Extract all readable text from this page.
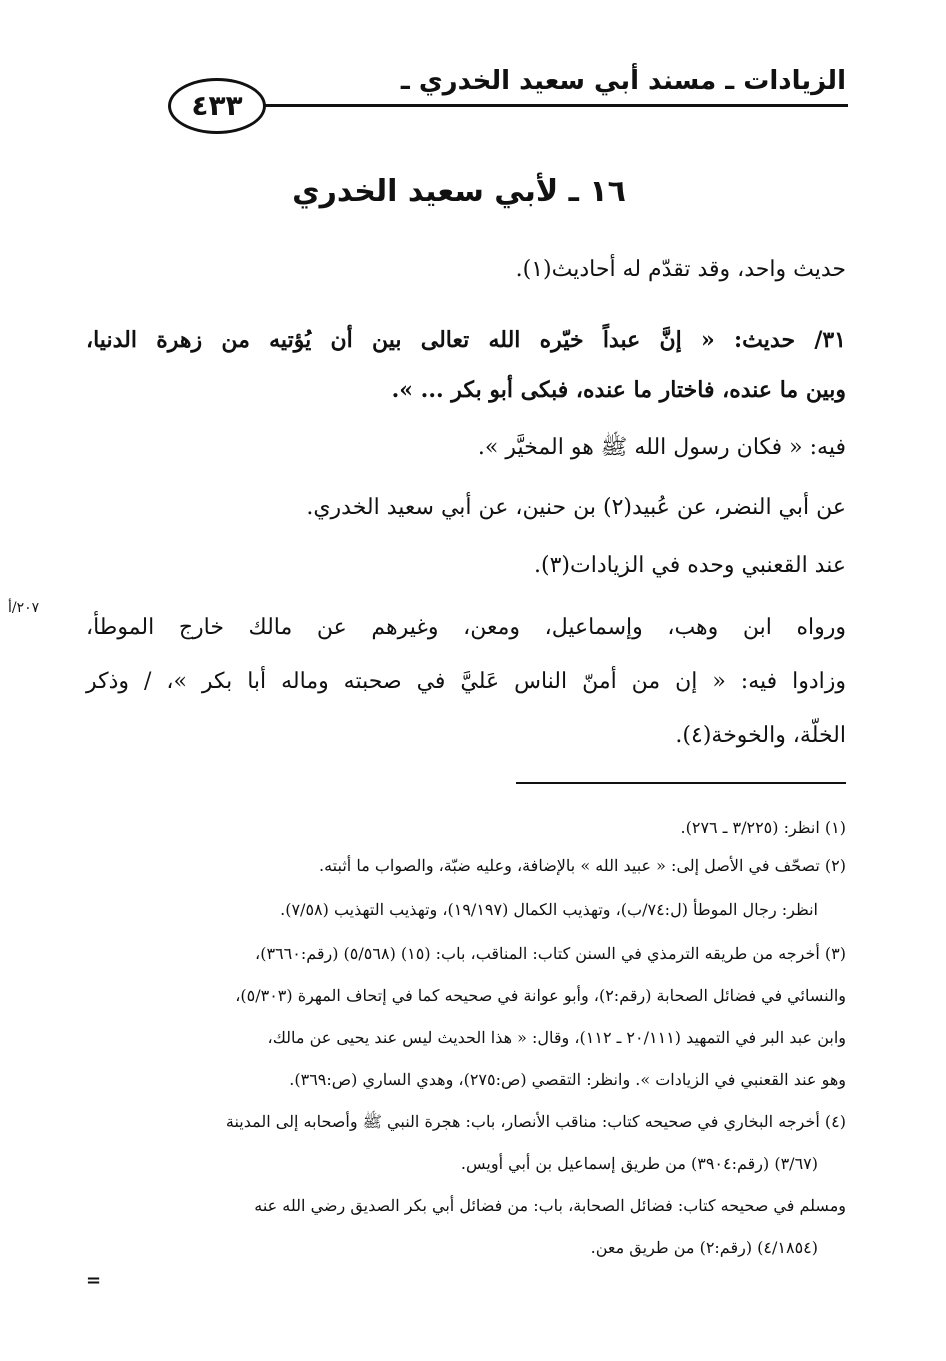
الزيادات ـ مسند أبي سعيد الخدري ـ
٤٣٣
١٦ ـ لأبي سعيد الخدري
حديث واحد، وقد تقدّم له أحاديث(١).
٣١/ حديث: « إنَّ عبداً خيّره الله تعالى بين أن يُؤتيه من زهرة الدنيا،
وبين ما عنده، فاختار ما عنده، فبكى أبو بكر ... ».
فيه: « فكان رسول الله ﷺ هو المخيَّر ».
عن أبي النضر، عن عُبيد(٢) بن حنين، عن أبي سعيد الخدري.
عند القعنبي وحده في الزيادات(٣).
ورواه ابن وهب، وإسماعيل، ومعن، وغيرهم عن مالك خارج الموطأ،
وزادوا فيه: « إن من أمنّ الناس عَليَّ في صحبته وماله أبا بكر »، / وذكر
الخلّة، والخوخة(٤).
٢٠٧/أ
(١) انظر: (٣/٢٢٥ ـ ٢٧٦).
(٢) تصحّف في الأصل إلى: « عبيد الله » بالإضافة، وعليه ضبّة، والصواب ما أثبته.
انظر: رجال الموطأ (ل:٧٤/ب)، وتهذيب الكمال (١٩/١٩٧)، وتهذيب التهذيب (٧/٥٨).
(٣) أخرجه من طريقه الترمذي في السنن كتاب: المناقب، باب: (١٥) (٥/٥٦٨) (رقم:٣٦٦٠)،
والنسائي في فضائل الصحابة (رقم:٢)، وأبو عوانة في صحيحه كما في إتحاف المهرة (٥/٣٠٣)،
وابن عبد البر في التمهيد (٢٠/١١١ ـ ١١٢)، وقال: « هذا الحديث ليس عند يحيى عن مالك،
وهو عند القعنبي في الزيادات ». وانظر: التقصي (ص:٢٧٥)، وهدي الساري (ص:٣٦٩).
(٤) أخرجه البخاري في صحيحه كتاب: مناقب الأنصار، باب: هجرة النبي ﷺ وأصحابه إلى المدينة
(٣/٦٧) (رقم:٣٩٠٤) من طريق إسماعيل بن أبي أويس.
ومسلم في صحيحه كتاب: فضائل الصحابة، باب: من فضائل أبي بكر الصديق رضي الله عنه
(٤/١٨٥٤) (رقم:٢) من طريق معن.
=
